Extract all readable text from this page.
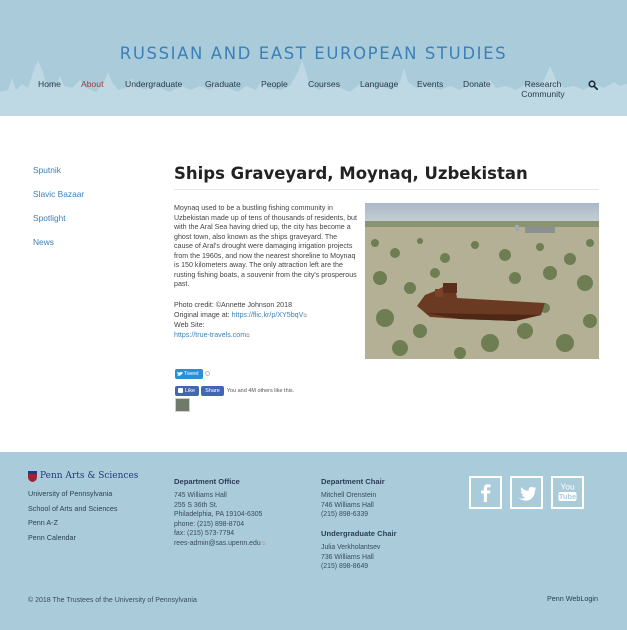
RUSSIAN AND EAST EUROPEAN STUDIES
Home About	Undergraduate	Graduate People Courses Language Events Donate	Research Community
Sputnik
Slavic Bazaar
Spotlight
News
Ships Graveyard, Moynaq, Uzbekistan
Moynaq used to be a bustling fishing community in Uzbekistan made up of tens of thousands of residents, but with the Aral Sea having dried up, the city has become a ghost town, also known as the ships graveyard. The cause of Aral's drought were damaging irrigation projects from the 1960s, and now the nearest shoreline to Moynaq is 150 kilometers away. The only attraction left are the rusting fishing boats, a souvenir from the city's prosperous past.
Photo credit: ©Annette Johnson 2018
Original image at: https://flic.kr/p/XY5bqV⧉
Web Site:
https://true-travels.com⧉
Tweet
Like Share You and 4M others like this.
Penn Arts & Sciences
University of Pennsylvania
School of Arts and Sciences
Penn A-Z
Penn Calendar
Department Office
745 Williams Hall
255 S 36th St.
Philadelphia, PA 19104-6305
phone: (215) 898-8704
fax: (215) 573-7794
rees-admin@sas.upenn.edu ⧉
Department Chair
Mitchell Orenstein
746 Williams Hall
(215) 898-6339
Undergraduate Chair
Julia Verkholantsev
736 Williams Hall
(215) 898-8649
You
Tube
© 2018 The Trustees of the University of Pennsylvania	Penn WebLogin
